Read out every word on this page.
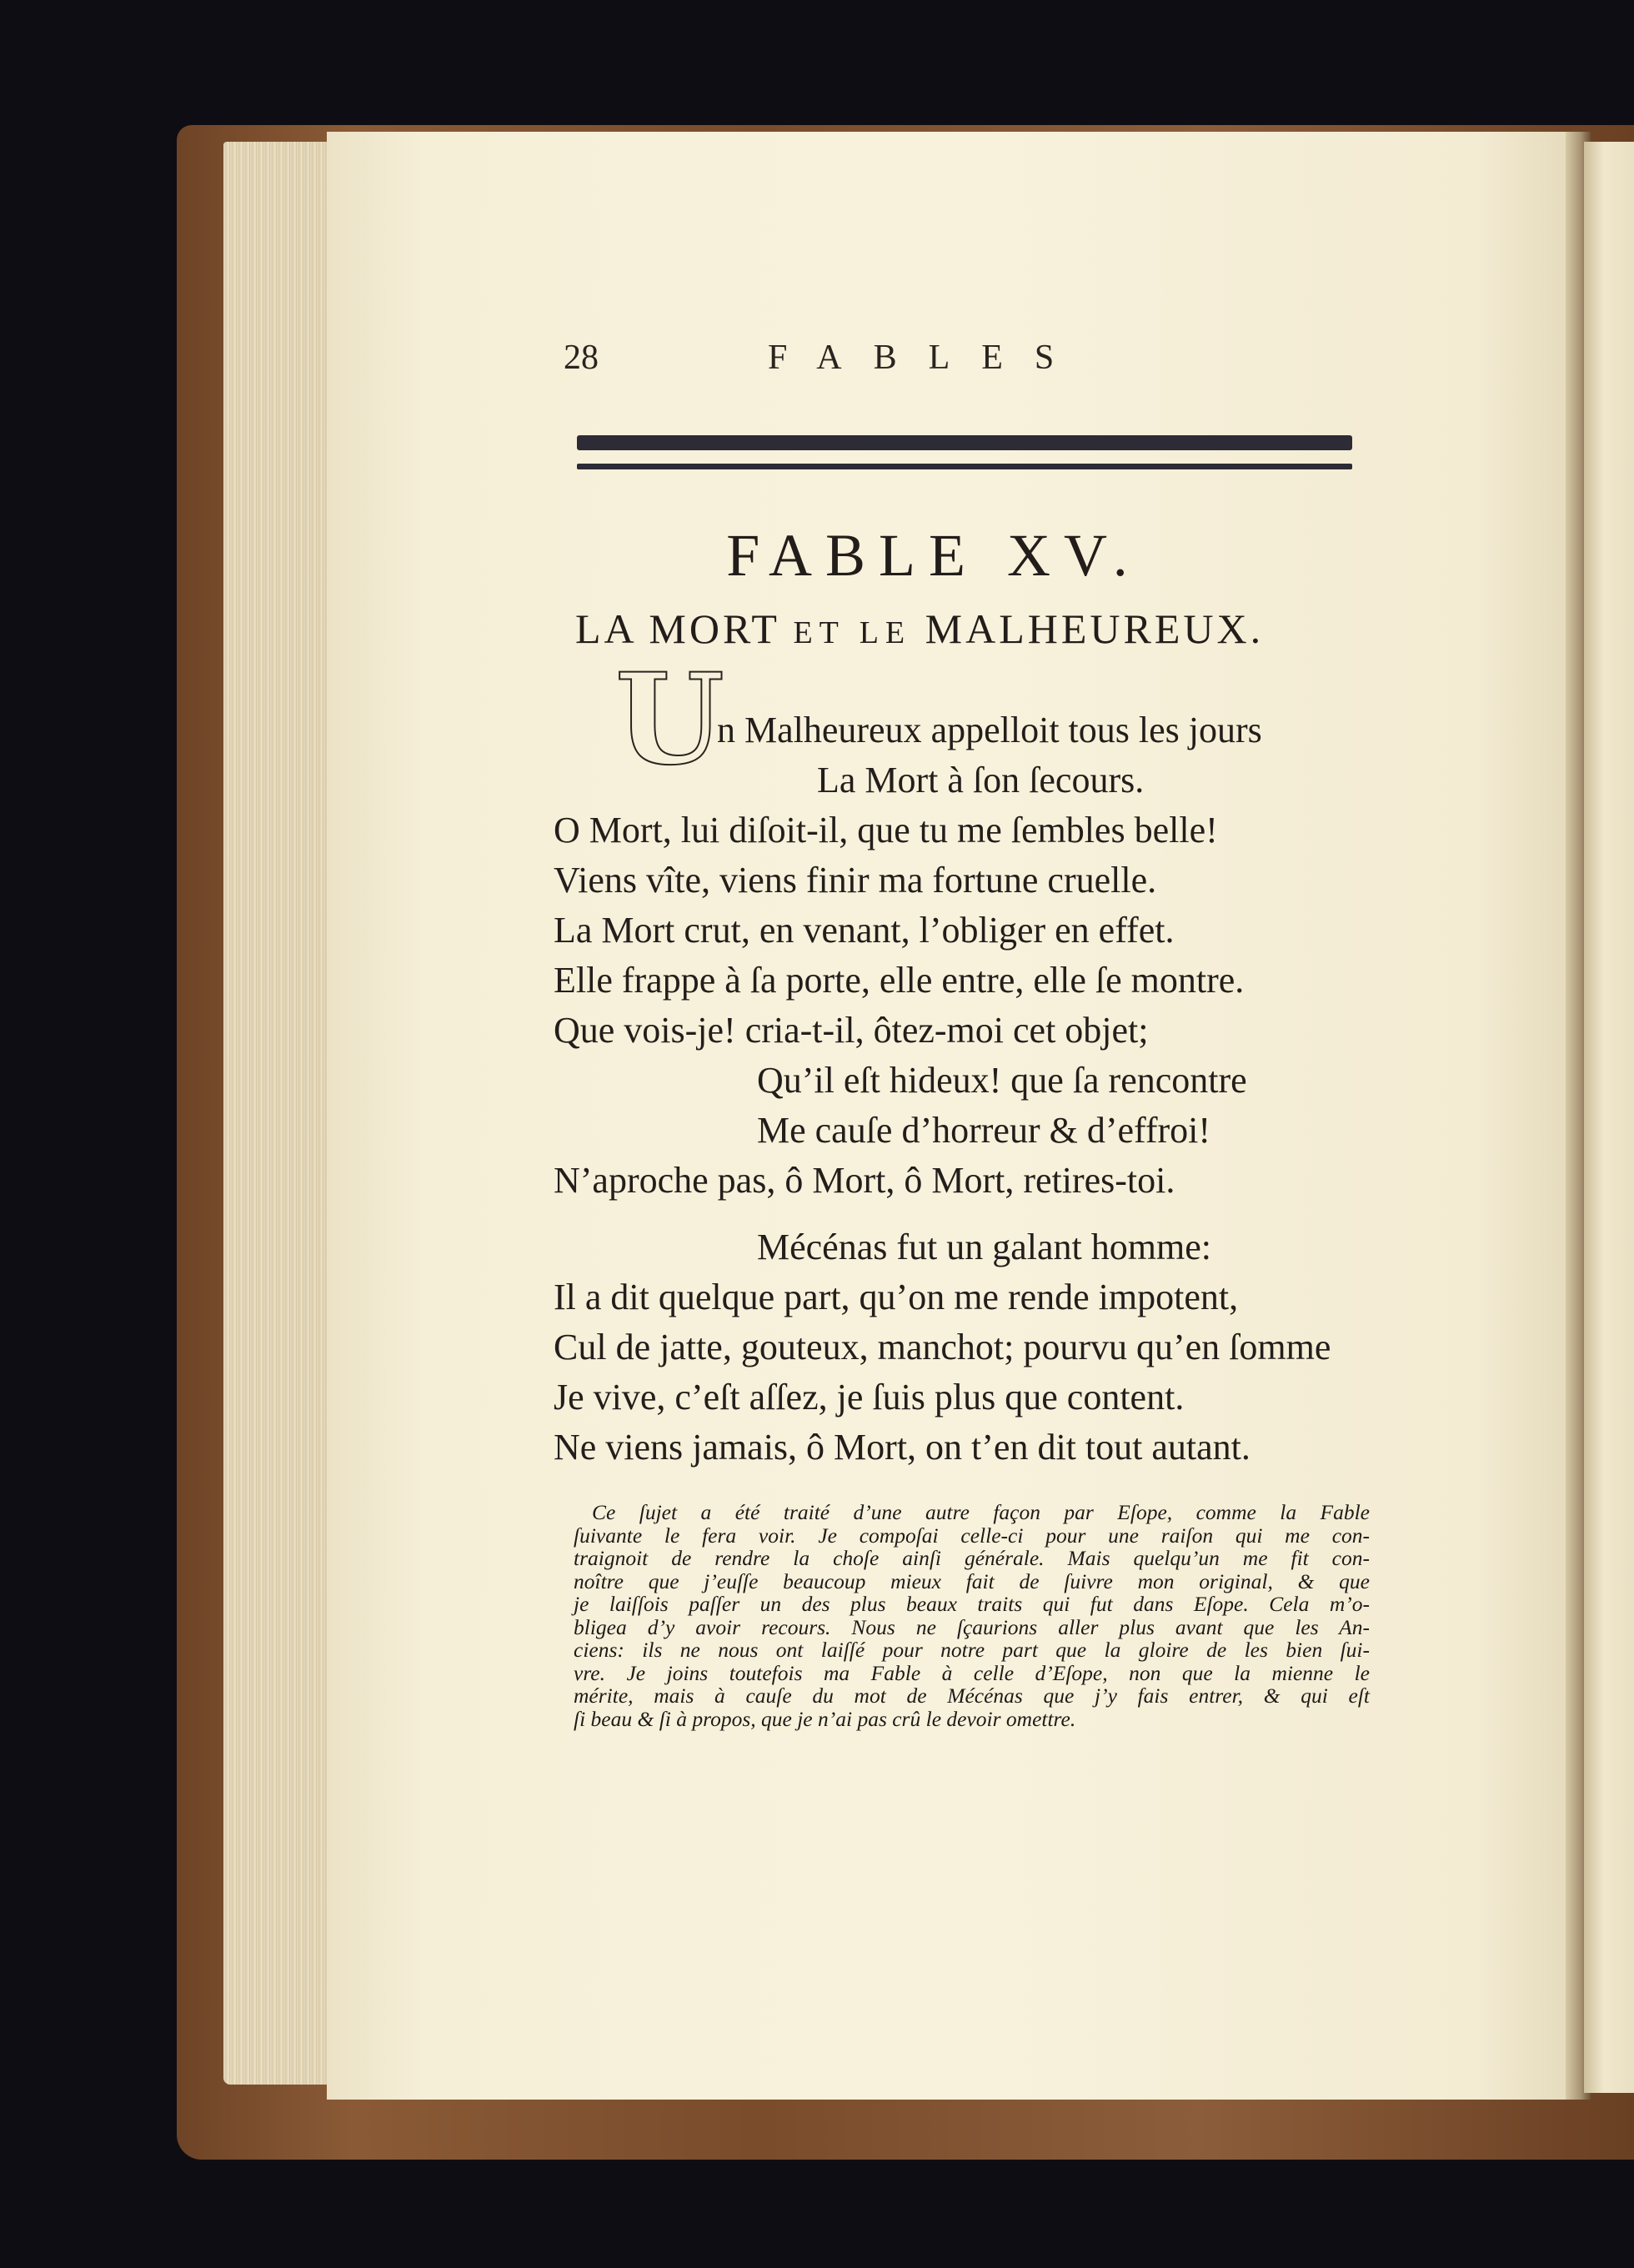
28	FABLES
FABLE XV.
LA MORT ET LE MALHEUREUX.
U
n Malheureux appelloit tous les jours
La Mort à ſon ſecours.
O Mort, lui diſoit-il, que tu me ſembles belle!
Viens vîte, viens finir ma fortune cruelle.
La Mort crut, en venant, l’obliger en effet.
Elle frappe à ſa porte, elle entre, elle ſe montre.
Que vois-je! cria-t-il, ôtez-moi cet objet;
Qu’il eſt hideux! que ſa rencontre
Me cauſe d’horreur & d’effroi!
N’aproche pas, ô Mort, ô Mort, retires-toi.
Mécénas fut un galant homme:
Il a dit quelque part, qu’on me rende impotent,
Cul de jatte, gouteux, manchot; pourvu qu’en ſomme
Je vive, c’eſt aſſez, je ſuis plus que content.
Ne viens jamais, ô Mort, on t’en dit tout autant.
Ce ſujet a été traité d’une autre façon par Eſope, comme la Fable
ſuivante le fera voir. Je compoſai celle-ci pour une raiſon qui me con-
traignoit de rendre la choſe ainſi générale. Mais quelqu’un me fit con-
noître que j’euſſe beaucoup mieux fait de ſuivre mon original, & que
je laiſſois paſſer un des plus beaux traits qui fut dans Eſope. Cela m’o-
bligea d’y avoir recours. Nous ne ſçaurions aller plus avant que les An-
ciens: ils ne nous ont laiſſé pour notre part que la gloire de les bien ſui-
vre. Je joins toutefois ma Fable à celle d’Eſope, non que la mienne le
mérite, mais à cauſe du mot de Mécénas que j’y fais entrer, & qui eſt
ſi beau & ſi à propos, que je n’ai pas crû le devoir omettre.
